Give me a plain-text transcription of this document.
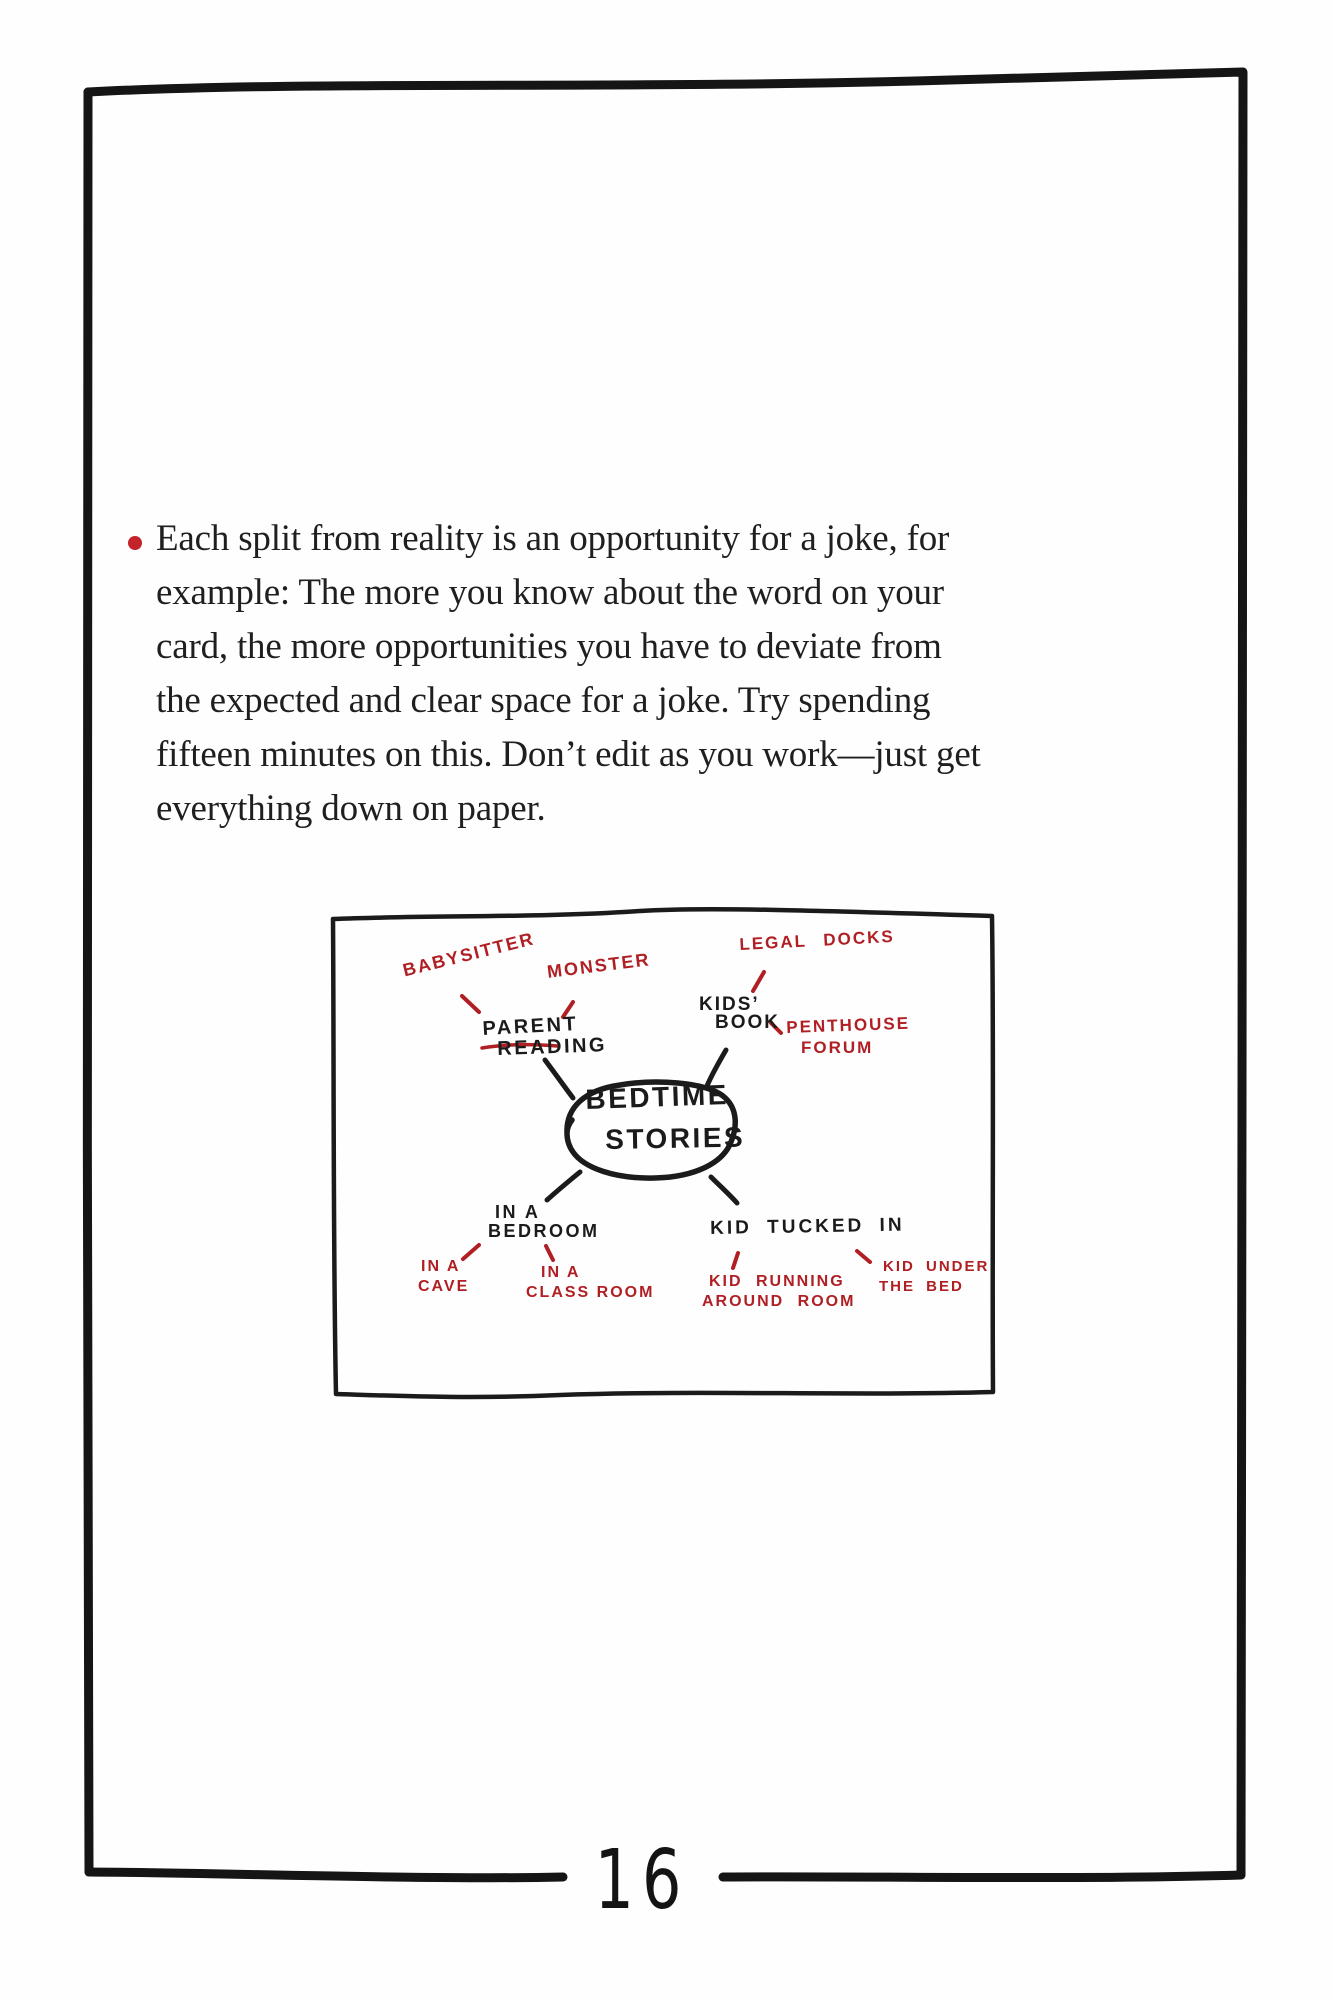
Each split from reality is an opportunity for a joke, for
example: The more you know about the word on your
card, the more opportunities you have to deviate from
the expected and clear space for a joke. Try spending
fifteen minutes on this. Don’t edit as you work—just get
everything down on paper.
BABYSITTER MONSTER
LEGAL DOCKS
PARENT
READING
KIDS’
BOOK PENTHOUSE
FORUM
BEDTIME
STORIES
IN A
BEDROOM
IN A
CAVE
IN A
CLASS ROOM
KID TUCKED IN
KID RUNNING
AROUND ROOM
KID UNDER
THE BED
16
